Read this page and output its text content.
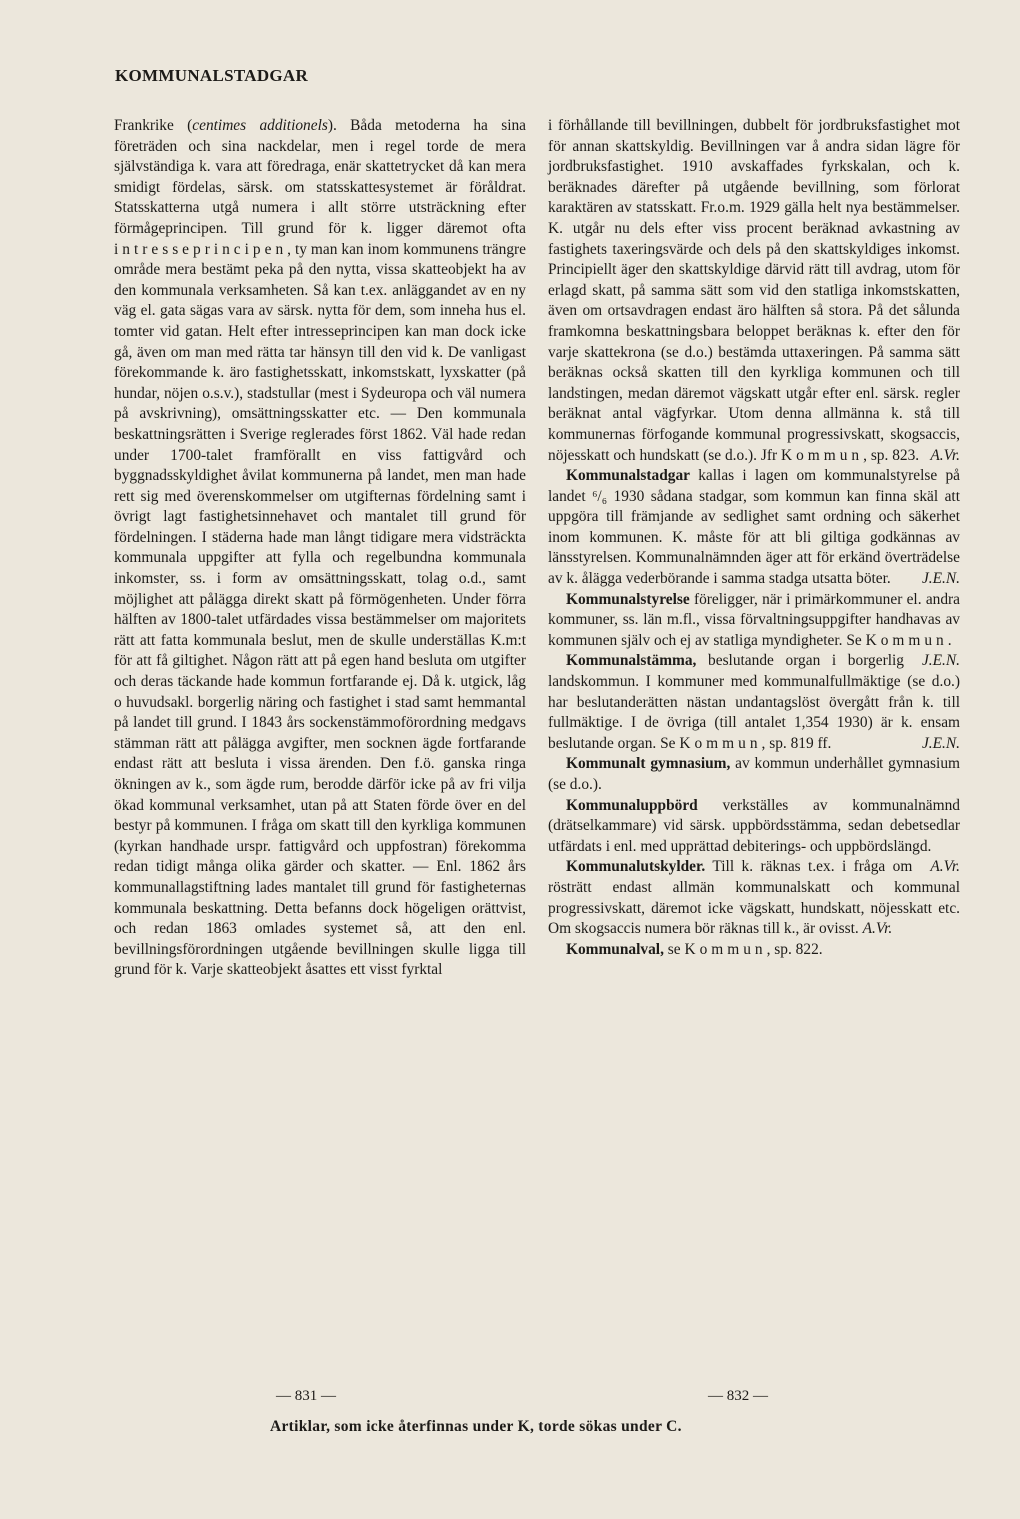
KOMMUNALSTADGAR

Frankrike (centimes additionels). Båda metoderna ha sina företräden och sina nackdelar, men i regel torde de mera självständiga k. vara att föredraga, enär skattetrycket då kan mera smidigt fördelas, särsk. om statsskattesystemet är föråldrat. Statsskatterna utgå numera i allt större utsträckning efter förmågeprincipen. Till grund för k. ligger däremot ofta intresseprincipen, ty man kan inom kommunens trängre område mera bestämt peka på den nytta, vissa skatteobjekt ha av den kommunala verksamheten. Så kan t.ex. anläggandet av en ny väg el. gata sägas vara av särsk. nytta för dem, som inneha hus el. tomter vid gatan. Helt efter intresseprincipen kan man dock icke gå, även om man med rätta tar hänsyn till den vid k. De vanligast förekommande k. äro fastighetsskatt, inkomstskatt, lyxskatter (på hundar, nöjen o.s.v.), stadstullar (mest i Sydeuropa och väl numera på avskrivning), omsättningsskatter etc. — Den kommunala beskattningsrätten i Sverige reglerades först 1862. Väl hade redan under 1700-talet framförallt en viss fattigvård och byggnadsskyldighet åvilat kommunerna på landet, men man hade rett sig med överenskommelser om utgifternas fördelning samt i övrigt lagt fastighetsinnehavet och mantalet till grund för fördelningen. I städerna hade man långt tidigare mera vidsträckta kommunala uppgifter att fylla och regelbundna kommunala inkomster, ss. i form av omsättningsskatt, tolag o.d., samt möjlighet att pålägga direkt skatt på förmögenheten. Under förra hälften av 1800-talet utfärdades vissa bestämmelser om majoritets rätt att fatta kommunala beslut, men de skulle underställas K.m:t för att få giltighet. Någon rätt att på egen hand besluta om utgifter och deras täckande hade kommun fortfarande ej. Då k. utgick, låg o huvudsakl. borgerlig näring och fastighet i stad samt hemmantal på landet till grund. I 1843 års sockenstämmoförordning medgavs stämman rätt att pålägga avgifter, men socknen ägde fortfarande endast rätt att besluta i vissa ärenden. Den f.ö. ganska ringa ökningen av k., som ägde rum, berodde därför icke på av fri vilja ökad kommunal verksamhet, utan på att Staten förde över en del bestyr på kommunen. I fråga om skatt till den kyrkliga kommunen (kyrkan handhade urspr. fattigvård och uppfostran) förekomma redan tidigt många olika gärder och skatter. — Enl. 1862 års kommunallagstiftning lades mantalet till grund för fastigheternas kommunala beskattning. Detta befanns dock högeligen orättvist, och redan 1863 omlades systemet så, att den enl. bevillningsförordningen utgående bevillningen skulle ligga till grund för k. Varje skatteobjekt åsattes ett visst fyrktal

i förhållande till bevillningen, dubbelt för jordbruksfastighet mot för annan skattskyldig. Bevillningen var å andra sidan lägre för jordbruksfastighet. 1910 avskaffades fyrkskalan, och k. beräknades därefter på utgående bevillning, som förlorat karaktären av statsskatt. Fr.o.m. 1929 gälla helt nya bestämmelser. K. utgår nu dels efter viss procent beräknad avkastning av fastighets taxeringsvärde och dels på den skattskyldiges inkomst. Principiellt äger den skattskyldige därvid rätt till avdrag, utom för erlagd skatt, på samma sätt som vid den statliga inkomstskatten, även om ortsavdragen endast äro hälften så stora. På det sålunda framkomna beskattningsbara beloppet beräknas k. efter den för varje skattekrona (se d.o.) bestämda uttaxeringen. På samma sätt beräknas också skatten till den kyrkliga kommunen och till landstingen, medan däremot vägskatt utgår efter enl. särsk. regler beräknat antal vägfyrkar. Utom denna allmänna k. stå till kommunernas förfogande kommunal progressivskatt, skogsaccis, nöjesskatt och hundskatt (se d.o.). Jfr Kommun, sp. 823. A.Vr.

Kommunalstadgar kallas i lagen om kommunalstyrelse på landet ⁶/₆ 1930 sådana stadgar, som kommun kan finna skäl att uppgöra till främjande av sedlighet samt ordning och säkerhet inom kommunen. K. måste för att bli giltiga godkännas av länsstyrelsen. Kommunalnämnden äger att för erkänd överträdelse av k. ålägga vederbörande i samma stadga utsatta böter.	J.E.N.

Kommunalstyrelse föreligger, när i primärkommuner el. andra kommuner, ss. län m.fl., vissa förvaltningsuppgifter handhavas av kommunen själv och ej av statliga myndigheter. Se Kommun.
J.E.N.

Kommunalstämma, beslutande organ i borgerlig landskommun. I kommuner med kommunalfullmäktige (se d.o.) har beslutanderätten nästan undantagslöst övergått från k. till fullmäktige. I de övriga (till antalet 1,354 1930) är k. ensam beslutande organ. Se Kommun, sp. 819 ff.	J.E.N.

Kommunalt gymnasium, av kommun underhållet gymnasium (se d.o.).

Kommunaluppbörd verkställes av kommunalnämnd (drätselkammare) vid särsk. uppbördsstämma, sedan debetsedlar utfärdats i enl. med upprättad debiterings- och uppbördslängd.
A.Vr.

Kommunalutskylder. Till k. räknas t.ex. i fråga om rösträtt endast allmän kommunalskatt och kommunal progressivskatt, däremot icke vägskatt, hundskatt, nöjesskatt etc. Om skogsaccis numera bör räknas till k., är ovisst. A.Vr.

Kommunalval, se Kommun, sp. 822.

— 831 —	— 832 —
Artiklar, som icke återfinnas under K, torde sökas under C.
